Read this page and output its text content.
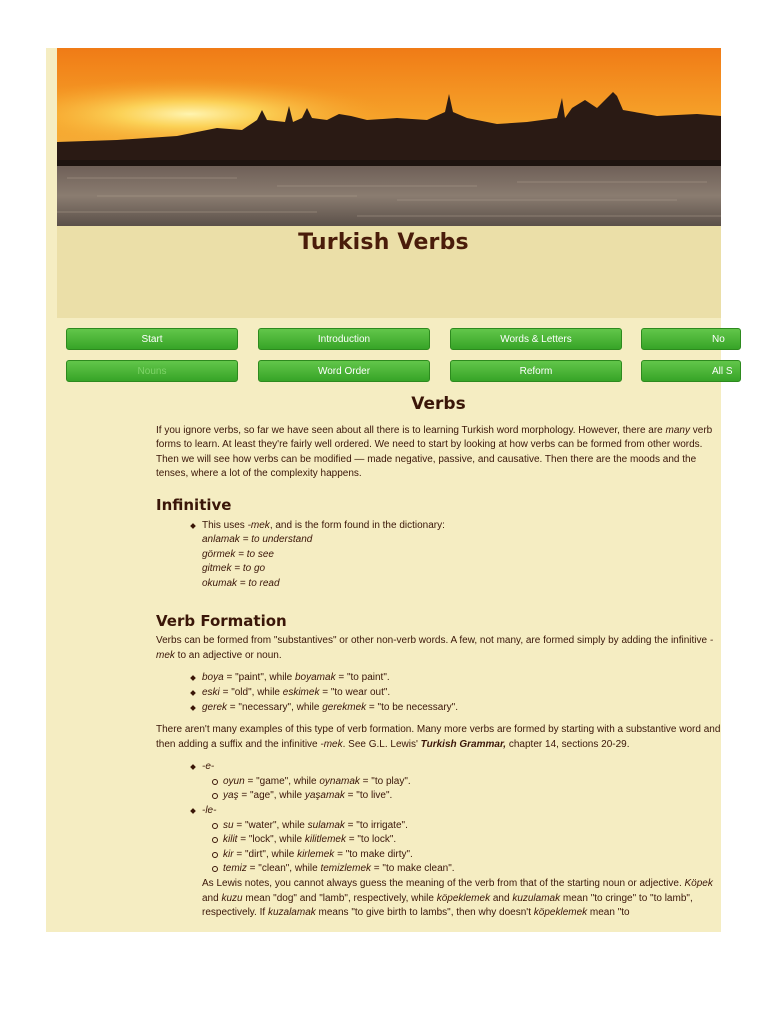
Turkish Verbs
Start	Introduction	Words & Letters	No
Nouns	Word Order	Reform	All S
Verbs

If you ignore verbs, so far we have seen about all there is to learning Turkish word morphology. However, there are many verb forms to learn. At least they're fairly well ordered. We need to start by looking at how verbs can be formed from other words. Then we will see how verbs can be modified — made negative, passive, and causative. Then there are the moods and the tenses, where a lot of the complexity happens.

Infinitive
This uses -mek, and is the form found in the dictionary:
anlamak = to understand
görmek = to see
gitmek = to go
okumak = to read
Verb Formation

Verbs can be formed from "substantives" or other non-verb words. A few, not many, are formed simply by adding the infinitive -mek to an adjective or noun.

boya = "paint", while boyamak = "to paint".
eski = "old", while eskimek = "to wear out".
gerek = "necessary", while gerekmek = "to be necessary".

There aren't many examples of this type of verb formation. Many more verbs are formed by starting with a substantive word and then adding a suffix and the infinitive -mek. See G.L. Lewis' Turkish Grammar, chapter 14, sections 20-29.

-e-
oyun = "game", while oynamak = "to play".
yaş = "age", while yaşamak = "to live".
-le-
su = "water", while sulamak = "to irrigate".
kilit = "lock", while kilitlemek = "to lock".
kir = "dirt", while kirlemek = "to make dirty".
temiz = "clean", while temizlemek = "to make clean".
As Lewis notes, you cannot always guess the meaning of the verb from that of the starting noun or adjective. Köpek and kuzu mean "dog" and "lamb", respectively, while köpeklemek and kuzulamak mean "to cringe" to "to lamb", respectively. If kuzalamak means "to give birth to lambs", then why doesn't köpeklemek mean "to
